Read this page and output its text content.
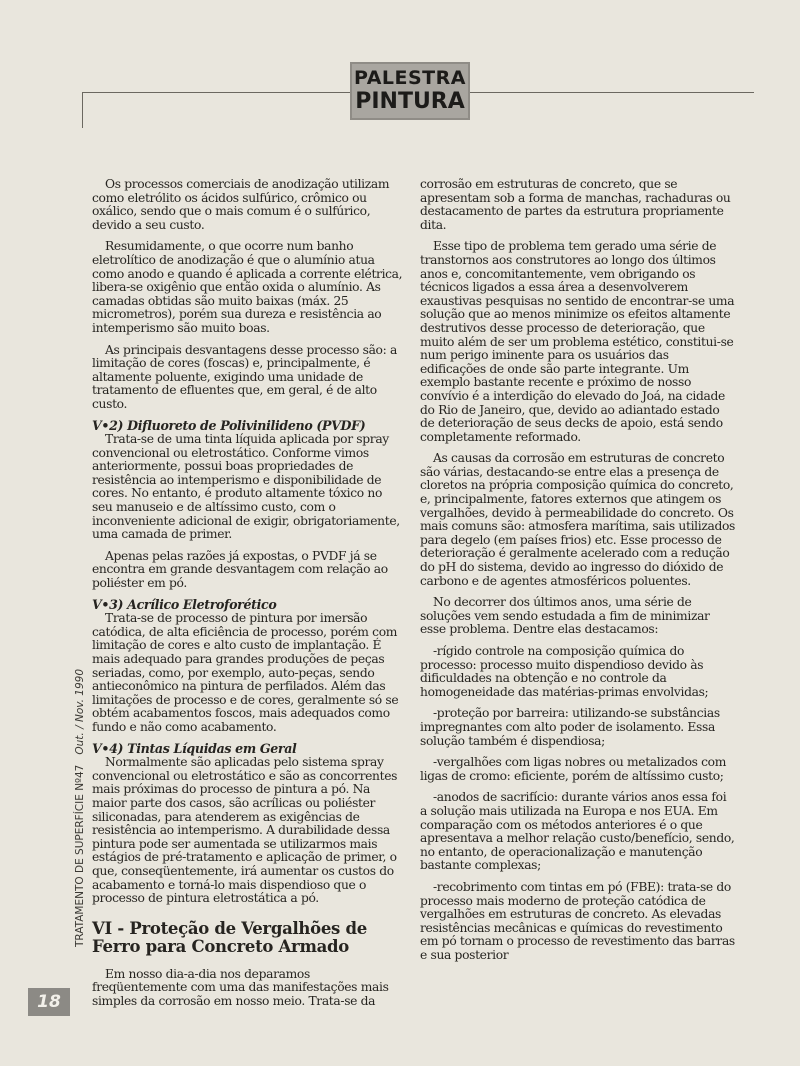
PALESTRA
PINTURA
TRATAMENTO DE SUPERFÍCIE Nº47   Out. / Nov. 1990
18

Os processos comerciais de anodização utilizam como eletrólito os ácidos sulfúrico, crômico ou oxálico, sendo que o mais comum é o sulfúrico, devido a seu custo.

Resumidamente, o que ocorre num banho eletrolítico de anodização é que o alumínio atua como anodo e quando é aplicada a corrente elétrica, libera-se oxigênio que então oxida o alumínio. As camadas obtidas são muito baixas (máx. 25 micrometros), porém sua dureza e resistência ao intemperismo são muito boas.

As principais desvantagens desse processo são: a limitação de cores (foscas) e, principalmente, é altamente poluente, exigindo uma unidade de tratamento de efluentes que, em geral, é de alto custo.

V•2) Difluoreto de Polivinilideno (PVDF)

Trata-se de uma tinta líquida aplicada por spray convencional ou eletrostático. Conforme vimos anteriormente, possui boas propriedades de resistência ao intemperismo e disponibilidade de cores. No entanto, é produto altamente tóxico no seu manuseio e de altíssimo custo, com o inconveniente adicional de exigir, obrigatoriamente, uma camada de primer.

Apenas pelas razões já expostas, o PVDF já se encontra em grande desvantagem com relação ao poliéster em pó.

V•3) Acrílico Eletroforético

Trata-se de processo de pintura por imersão catódica, de alta eficiência de processo, porém com limitação de cores e alto custo de implantação. É mais adequado para grandes produções de peças seriadas, como, por exemplo, auto-peças, sendo antieconômico na pintura de perfilados. Além das limitações de processo e de cores, geralmente só se obtém acabamentos foscos, mais adequados como fundo e não como acabamento.

V•4) Tintas Líquidas em Geral

Normalmente são aplicadas pelo sistema spray convencional ou eletrostático e são as concorrentes mais próximas do processo de pintura a pó. Na maior parte dos casos, são acrílicas ou poliéster siliconadas, para atenderem as exigências de resistência ao intemperismo. A durabilidade dessa pintura pode ser aumentada se utilizarmos mais estágios de pré-tratamento e aplicação de primer, o que, conseqüentemente, irá aumentar os custos do acabamento e torná-lo mais dispendioso que o processo de pintura eletrostática a pó.

VI - Proteção de Vergalhões de Ferro para Concreto Armado

Em nosso dia-a-dia nos deparamos freqüentemente com uma das manifestações mais simples da corrosão em nosso meio. Trata-se da

corrosão em estruturas de concreto, que se apresentam sob a forma de manchas, rachaduras ou destacamento de partes da estrutura propriamente dita.

Esse tipo de problema tem gerado uma série de transtornos aos construtores ao longo dos últimos anos e, concomitantemente, vem obrigando os técnicos ligados a essa área a desenvolverem exaustivas pesquisas no sentido de encontrar-se uma solução que ao menos minimize os efeitos altamente destrutivos desse processo de deterioração, que muito além de ser um problema estético, constitui-se num perigo iminente para os usuários das edificações de onde são parte integrante. Um exemplo bastante recente e próximo de nosso convívio é a interdição do elevado do Joá, na cidade do Rio de Janeiro, que, devido ao adiantado estado de deterioração de seus decks de apoio, está sendo completamente reformado.

As causas da corrosão em estruturas de concreto são várias, destacando-se entre elas a presença de cloretos na própria composição química do concreto, e, principalmente, fatores externos que atingem os vergalhões, devido à permeabilidade do concreto. Os mais comuns são: atmosfera marítima, sais utilizados para degelo (em países frios) etc. Esse processo de deterioração é geralmente acelerado com a redução do pH do sistema, devido ao ingresso do dióxido de carbono e de agentes atmosféricos poluentes.

No decorrer dos últimos anos, uma série de soluções vem sendo estudada a fim de minimizar esse problema. Dentre elas destacamos:

-rígido controle na composição química do processo: processo muito dispendioso devido às dificuldades na obtenção e no controle da homogeneidade das matérias-primas envolvidas;

-proteção por barreira: utilizando-se substâncias impregnantes com alto poder de isolamento. Essa solução também é dispendiosa;

-vergalhões com ligas nobres ou metalizados com ligas de cromo: eficiente, porém de altíssimo custo;

-anodos de sacrifício: durante vários anos essa foi a solução mais utilizada na Europa e nos EUA. Em comparação com os métodos anteriores é o que apresentava a melhor relação custo/benefício, sendo, no entanto, de operacionalização e manutenção bastante complexas;

-recobrimento com tintas em pó (FBE): trata-se do processo mais moderno de proteção catódica de vergalhões em estruturas de concreto. As elevadas resistências mecânicas e químicas do revestimento em pó tornam o processo de revestimento das barras e sua posterior
